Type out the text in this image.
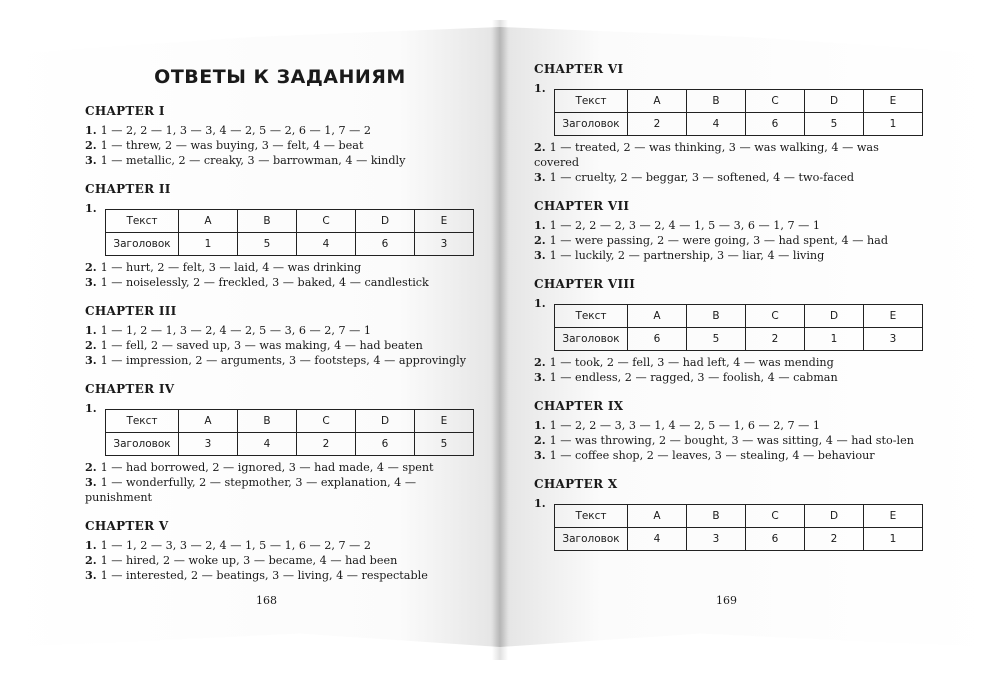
ОТВЕТЫ К ЗАДАНИЯМ
CHAPTER I
1. 1 — 2, 2 — 1, 3 — 3, 4 — 2, 5 — 2, 6 — 1, 7 — 2
2. 1 — threw, 2 — was buying, 3 — felt, 4 — beat
3. 1 — metallic, 2 — creaky, 3 — barrowman, 4 — kindly
CHAPTER II
1.
Текст	A	B	C	D	E
Заголовок	1	5	4	6	3
2. 1 — hurt, 2 — felt, 3 — laid, 4 — was drinking
3. 1 — noiselessly, 2 — freckled, 3 — baked, 4 — candlestick
CHAPTER III
1. 1 — 1, 2 — 1, 3 — 2, 4 — 2, 5 — 3, 6 — 2, 7 — 1
2. 1 — fell, 2 — saved up, 3 — was making, 4 — had beaten
3. 1 — impression, 2 — arguments, 3 — footsteps, 4 — approvingly
CHAPTER IV
1.
Текст	A	B	C	D	E
Заголовок	3	4	2	6	5
2. 1 — had borrowed, 2 — ignored, 3 — had made, 4 — spent
3. 1 — wonderfully, 2 — stepmother, 3 — explanation, 4 — punishment
CHAPTER V
1. 1 — 1, 2 — 3, 3 — 2, 4 — 1, 5 — 1, 6 — 2, 7 — 2
2. 1 — hired, 2 — woke up, 3 — became, 4 — had been
3. 1 — interested, 2 — beatings, 3 — living, 4 — respectable
CHAPTER VI
1.
Текст	A	B	C	D	E
Заголовок	2	4	6	5	1
2. 1 — treated, 2 — was thinking, 3 — was walking, 4 — was covered
3. 1 — cruelty, 2 — beggar, 3 — softened, 4 — two-faced
CHAPTER VII
1. 1 — 2, 2 — 2, 3 — 2, 4 — 1, 5 — 3, 6 — 1, 7 — 1
2. 1 — were passing, 2 — were going, 3 — had spent, 4 — had
3. 1 — luckily, 2 — partnership, 3 — liar, 4 — living
CHAPTER VIII
1.
Текст	A	B	C	D	E
Заголовок	6	5	2	1	3
2. 1 — took, 2 — fell, 3 — had left, 4 — was mending
3. 1 — endless, 2 — ragged, 3 — foolish, 4 — cabman
CHAPTER IX
1. 1 — 2, 2 — 3, 3 — 1, 4 — 2, 5 — 1, 6 — 2, 7 — 1
2. 1 — was throwing, 2 — bought, 3 — was sitting, 4 — had sto-len
3. 1 — coffee shop, 2 — leaves, 3 — stealing, 4 — behaviour
CHAPTER X
1.
Текст	A	B	C	D	E
Заголовок	4	3	6	2	1
168	169
